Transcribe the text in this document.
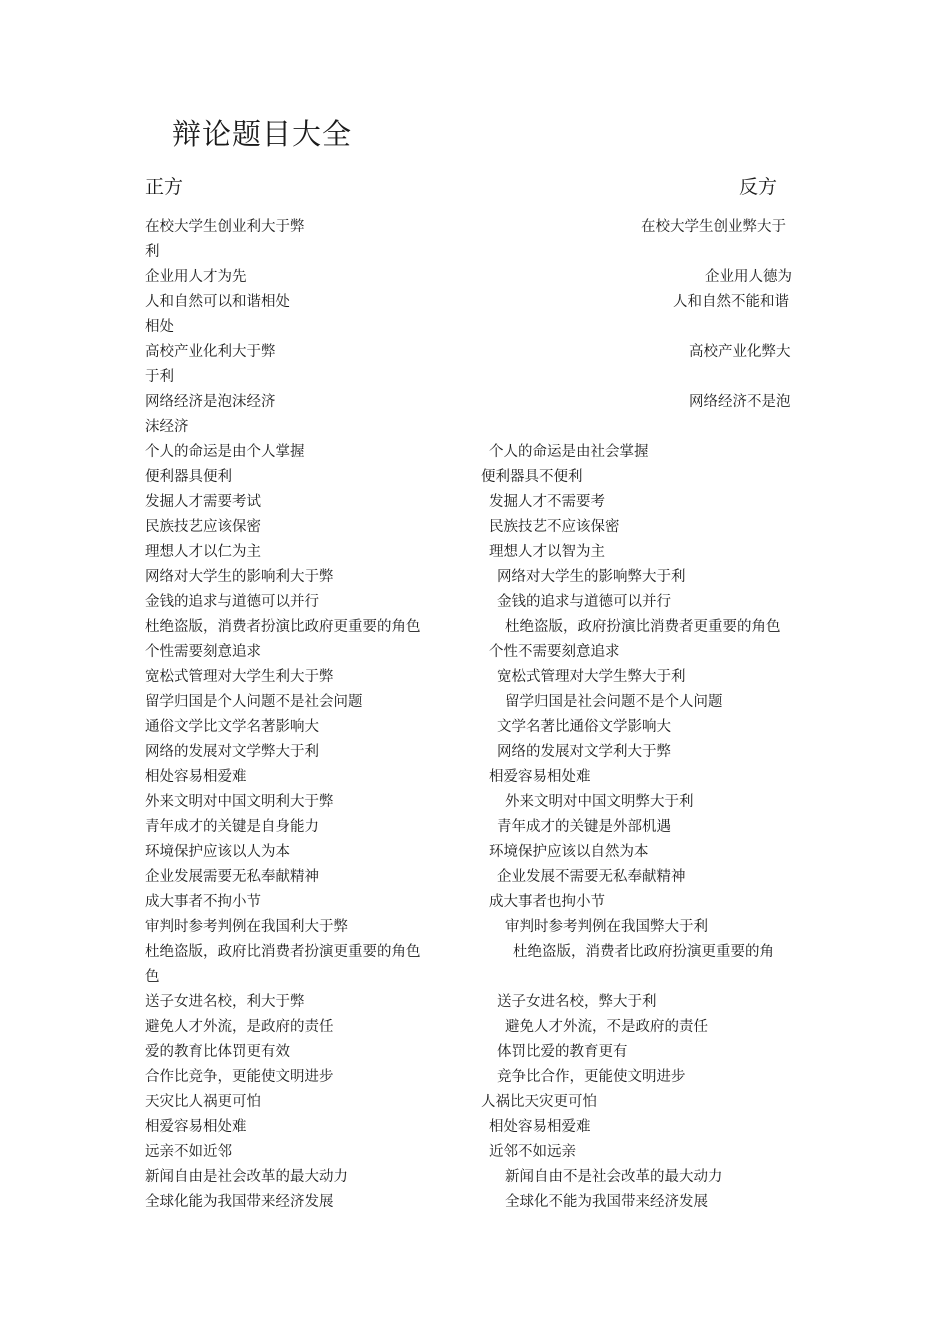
辩论题目大全
正方	反方
在校大学生创业利大于弊	在校大学生创业弊大于
利
企业用人才为先	企业用人德为
人和自然可以和谐相处	人和自然不能和谐
相处
高校产业化利大于弊	高校产业化弊大
于利
网络经济是泡沫经济	网络经济不是泡
沫经济
个人的命运是由个人掌握	个人的命运是由社会掌握
便利器具便利	便利器具不便利
发掘人才需要考试	发掘人才不需要考
民族技艺应该保密	民族技艺不应该保密
理想人才以仁为主	理想人才以智为主
网络对大学生的影响利大于弊	网络对大学生的影响弊大于利
金钱的追求与道德可以并行	金钱的追求与道德可以并行
杜绝盗版，消费者扮演比政府更重要的角色	杜绝盗版，政府扮演比消费者更重要的角色
个性需要刻意追求	个性不需要刻意追求
宽松式管理对大学生利大于弊	宽松式管理对大学生弊大于利
留学归国是个人问题不是社会问题	留学归国是社会问题不是个人问题
通俗文学比文学名著影响大	文学名著比通俗文学影响大
网络的发展对文学弊大于利	网络的发展对文学利大于弊
相处容易相爱难	相爱容易相处难
外来文明对中国文明利大于弊	外来文明对中国文明弊大于利
青年成才的关键是自身能力	青年成才的关键是外部机遇
环境保护应该以人为本	环境保护应该以自然为本
企业发展需要无私奉献精神	企业发展不需要无私奉献精神
成大事者不拘小节	成大事者也拘小节
审判时参考判例在我国利大于弊	审判时参考判例在我国弊大于利
杜绝盗版，政府比消费者扮演更重要的角色	杜绝盗版，消费者比政府扮演更重要的角
色
送子女进名校，利大于弊	送子女进名校，弊大于利
避免人才外流，是政府的责任	避免人才外流，不是政府的责任
爱的教育比体罚更有效	体罚比爱的教育更有
合作比竞争，更能使文明进步	竞争比合作，更能使文明进步
天灾比人祸更可怕	人祸比天灾更可怕
相爱容易相处难	相处容易相爱难
远亲不如近邻	近邻不如远亲
新闻自由是社会改革的最大动力	新闻自由不是社会改革的最大动力
全球化能为我国带来经济发展	全球化不能为我国带来经济发展
